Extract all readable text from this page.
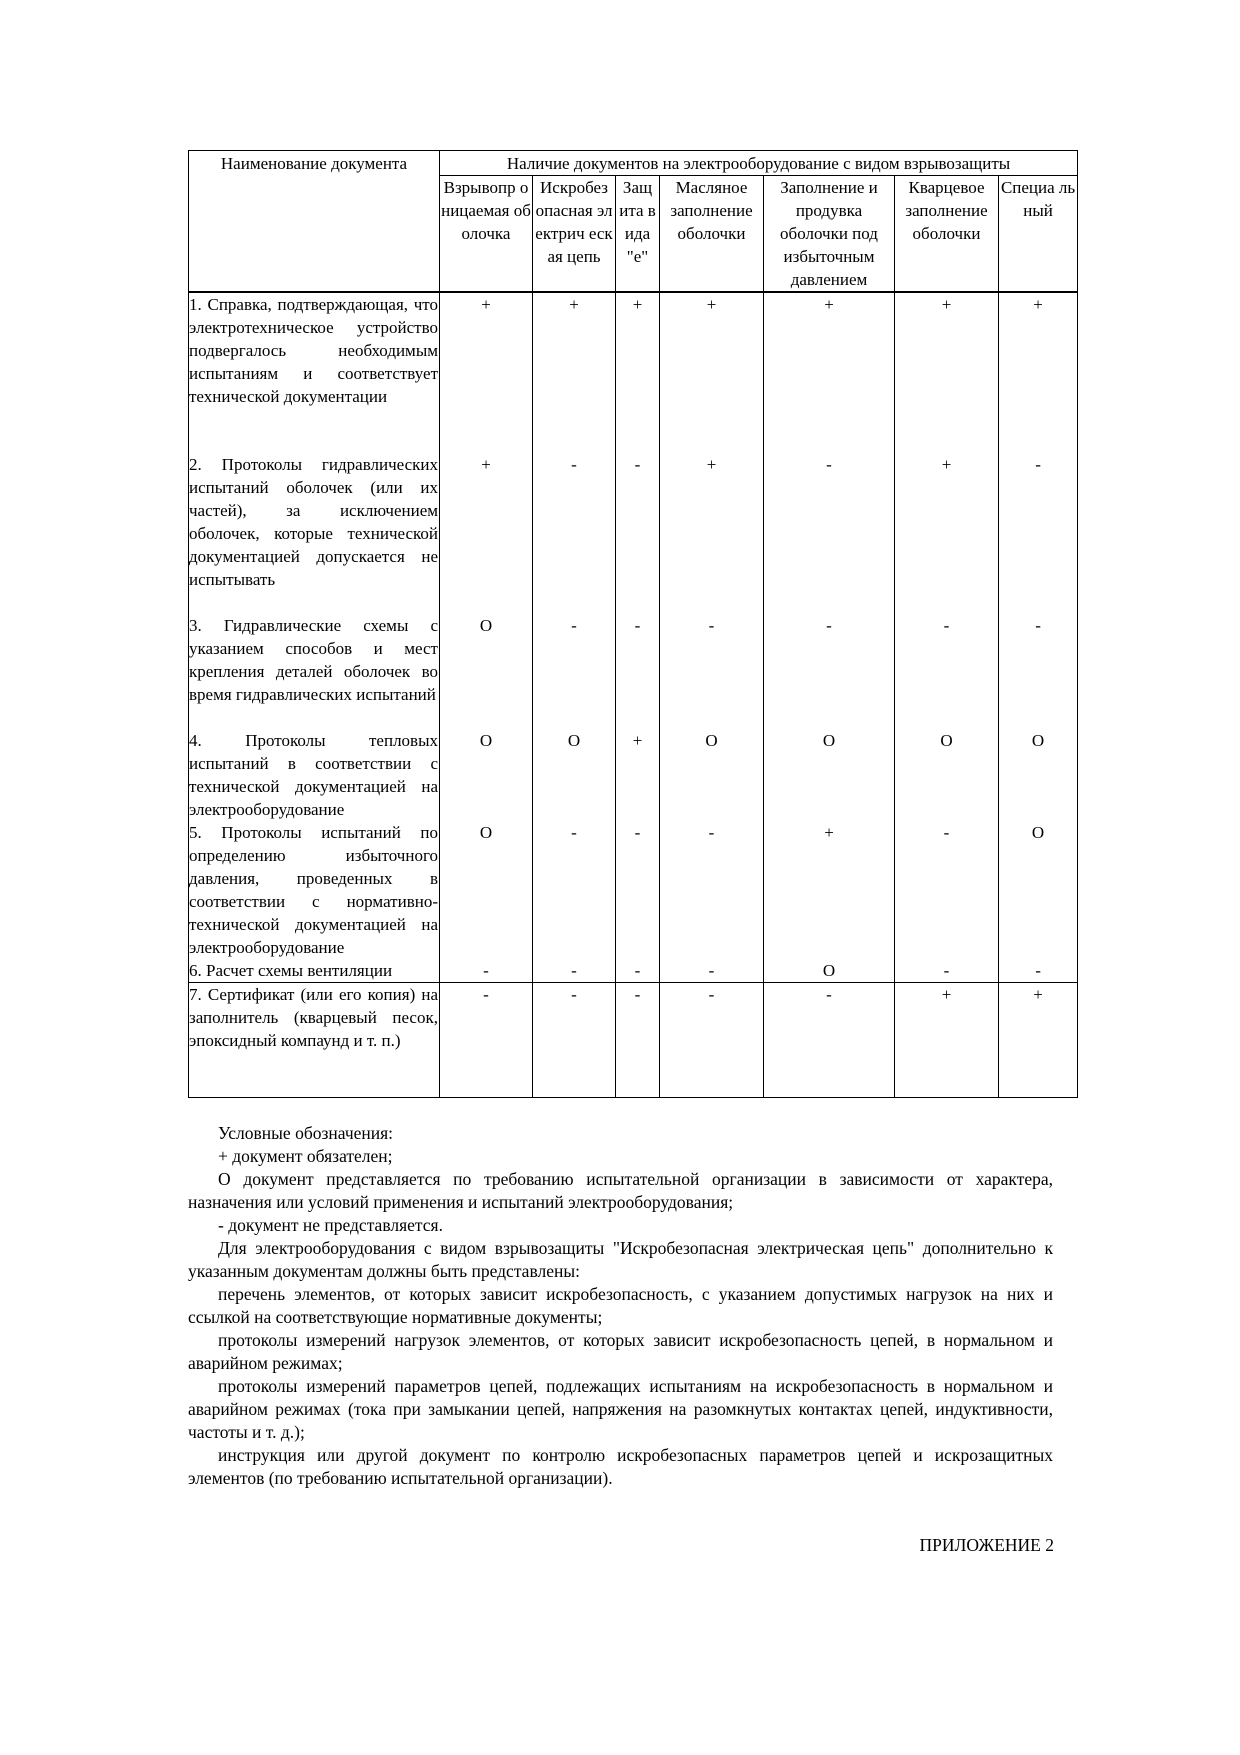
Наименование документа	Наличие документов на электрооборудование с видом взрывозащиты						
	Взрывопр оницаемая оболочка	Искробез опасная электрич еская цепь	Защ ита вида "е"	Масляное заполнение оболочки	Заполнение и продувка оболочки под избыточным давлением	Кварцевое заполнение оболочки	Специа льный
1. Справка, подтверждающая, что электротехническое устройство подвергалось необходимым испытаниям и соответствует технической документации	+	+	+	+	+	+	+
2. Протоколы гидравлических испытаний оболочек (или их частей), за исключением оболочек, которые технической документацией допускается не испытывать	+	-	-	+	-	+	-
3. Гидравлические схемы с указанием способов и мест крепления деталей оболочек во время гидравлических испытаний	О	-	-	-	-	-	-
4. Протоколы тепловых испытаний в соответствии с технической документацией на электрооборудование	О	О	+	О	О	О	О
5. Протоколы испытаний по определению избыточного давления, проведенных в соответствии с нормативно-технической документацией на электрооборудование	О	-	-	-	+	-	О
6. Расчет схемы вентиляции	-	-	-	-	О	-	-
7. Сертификат (или его копия) на заполнитель (кварцевый песок, эпоксидный компаунд и т. п.)	-	-	-	-	-	+	+

Условные обозначения:

+ документ обязателен;

О документ представляется по требованию испытательной организации в зависимости от характера, назначения или условий применения и испытаний электрооборудования;

- документ не представляется.

Для электрооборудования с видом взрывозащиты "Искробезопасная электрическая цепь" дополнительно к указанным документам должны быть представлены:

перечень элементов, от которых зависит искробезопасность, с указанием допустимых нагрузок на них и ссылкой на соответствующие нормативные документы;

протоколы измерений нагрузок элементов, от которых зависит искробезопасность цепей, в нормальном и аварийном режимах;

протоколы измерений параметров цепей, подлежащих испытаниям на искробезопасность в нормальном и аварийном режимах (тока при замыкании цепей, напряжения на разомкнутых контактах цепей, индуктивности, частоты и т. д.);

инструкция или другой документ по контролю искробезопасных параметров цепей и искрозащитных элементов (по требованию испытательной организации).

ПРИЛОЖЕНИЕ 2
